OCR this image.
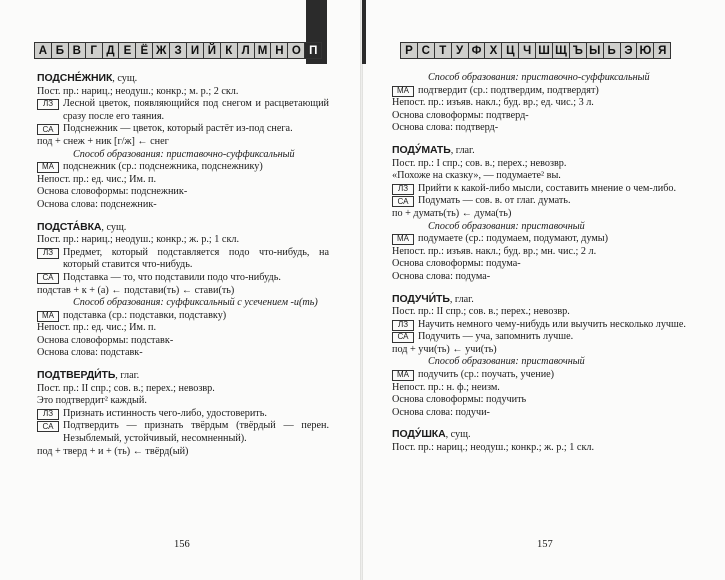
А Б В Г Д Е Ё Ж З И Й К Л М Н О П
ПОДСНЕ́ЖНИК, сущ.
Пост. пр.: нариц.; неодуш.; конкр.; м. р.; 2 скл.
ЛЗ Лесной цветок, появляющийся под снегом и расцветающий сразу после его таяния.
СА Подснежник — цветок, который растёт из-под снега.
под + снеж + ник [г/ж] ← снег
Способ образования: приставочно-суффиксальный
МА подснежник (ср.: подснежника, подснежнику)
Непост. пр.: ед. чис.; Им. п.
Основа словоформы: подснежник-
Основа слова: подснежник-
ПОДСТА́ВКА, сущ.
Пост. пр.: нариц.; неодуш.; конкр.; ж. р.; 1 скл.
ЛЗ Предмет, который подставляется подо что-нибудь, на который ставится что-нибудь.
СА Подставка — то, что подставили подо что-нибудь.
подстав + к + (а) ← подстави(ть) ← стави(ть)
Способ образования: суффиксальный с усечением -и(ть)
МА подставка (ср.: подставки, подставку)
Непост. пр.: ед. чис.; Им. п.
Основа словоформы: подставк-
Основа слова: подставк-
ПОДТВЕРДИ́ТЬ, глаг.
Пост. пр.: II спр.; сов. в.; перех.; невозвр.
Это подтвердит² каждый.
ЛЗ Признать истинность чего-либо, удостоверить.
СА Подтвердить — признать твёрдым (твёрдый — перен. Незыблемый, устойчивый, несомненный).
под + тверд + и + (ть) ← твёрд(ый)
156
Р С Т У Ф Х Ц Ч Ш Щ Ъ Ы Ь Э Ю Я
Способ образования: приставочно-суффиксальный
МА подтвердит (ср.: подтвердим, подтвердят)
Непост. пр.: изъяв. накл.; буд. вр.; ед. чис.; 3 л.
Основа словоформы: подтверд-
Основа слова: подтверд-
ПОДУ́МАТЬ, глаг.
Пост. пр.: I спр.; сов. в.; перех.; невозвр.
«Похоже на сказку», — подумаете² вы.
ЛЗ Прийти к какой-либо мысли, составить мнение о чем-либо.
СА Подумать — сов. в. от глаг. думать.
по + думать(ть) ← дума(ть)
Способ образования: приставочный
МА подумаете (ср.: подумаем, подумают, думы)
Непост. пр.: изъяв. накл.; буд. вр.; мн. чис.; 2 л.
Основа словоформы: подума-
Основа слова: подума-
ПОДУЧИ́ТЬ, глаг.
Пост. пр.: II спр.; сов. в.; перех.; невозвр.
ЛЗ Научить немного чему-нибудь или выучить несколько лучше.
СА Подучить — уча, запомнить лучше.
под + учи(ть) ← учи(ть)
Способ образования: приставочный
МА подучить (ср.: поучать, учение)
Непост. пр.: н. ф.; неизм.
Основа словоформы: подучить
Основа слова: подучи-
ПОДУ́ШКА, сущ.
Пост. пр.: нариц.; неодуш.; конкр.; ж. р.; 1 скл.
157
